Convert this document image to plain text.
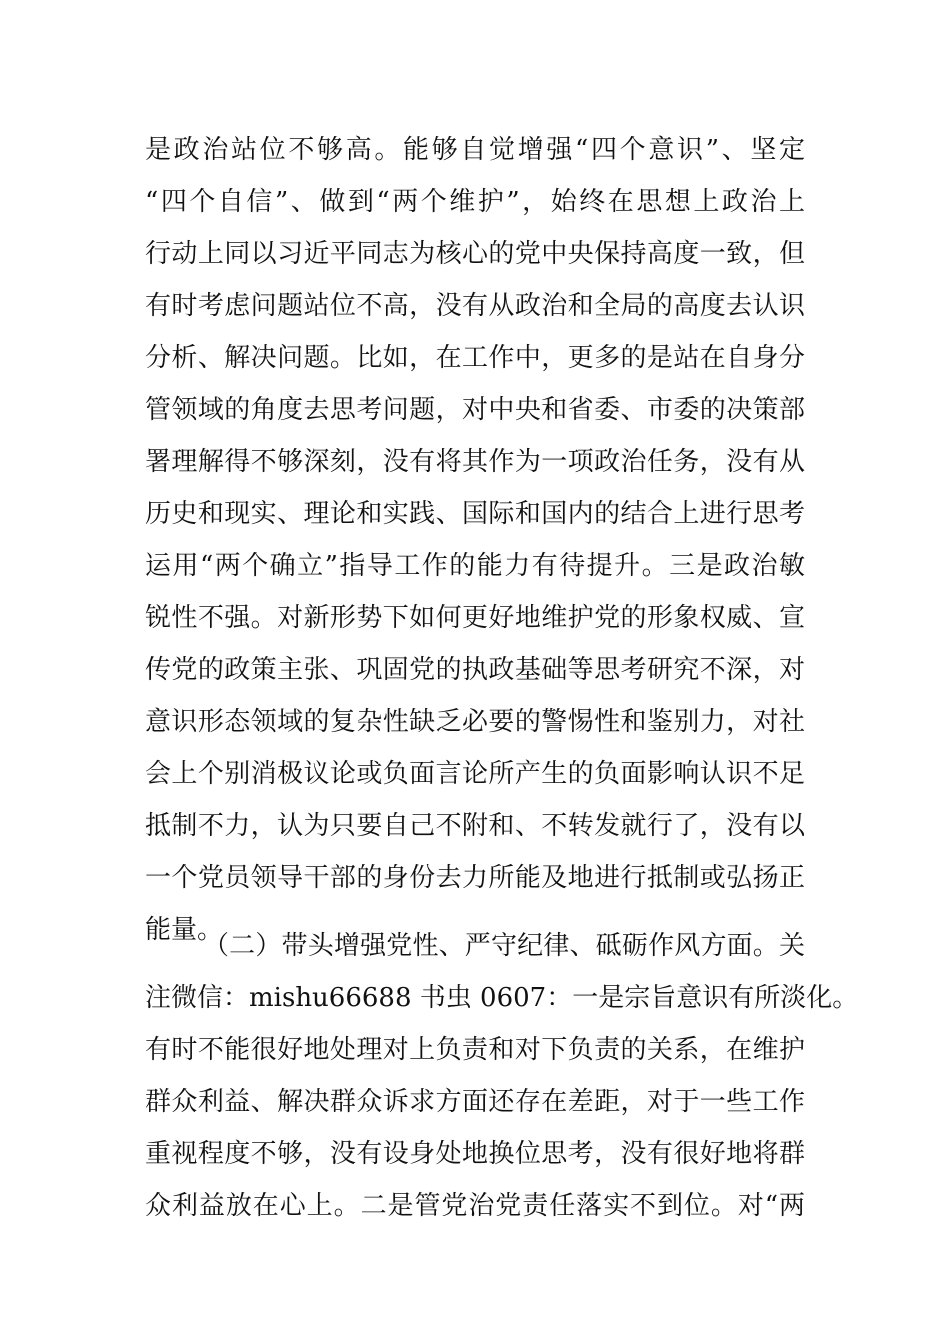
是政治站位不够高。能够自觉增强“四个意识”、坚定
“四个自信”、做到“两个维护”，始终在思想上政治上
行动上同以习近平同志为核心的党中央保持高度一致，但
有时考虑问题站位不高，没有从政治和全局的高度去认识
分析、解决问题。比如，在工作中，更多的是站在自身分
管领域的角度去思考问题，对中央和省委、市委的决策部
署理解得不够深刻，没有将其作为一项政治任务，没有从
历史和现实、理论和实践、国际和国内的结合上进行思考
运用“两个确立”指导工作的能力有待提升。三是政治敏
锐性不强。对新形势下如何更好地维护党的形象权威、宣
传党的政策主张、巩固党的执政基础等思考研究不深，对
意识形态领域的复杂性缺乏必要的警惕性和鉴别力，对社
会上个别消极议论或负面言论所产生的负面影响认识不足
抵制不力，认为只要自己不附和、不转发就行了，没有以
一个党员领导干部的身份去力所能及地进行抵制或弘扬正
能量。
（二）带头增强党性、严守纪律、砥砺作风方面。关
注微信：mishu66688 书虫 0607：一是宗旨意识有所淡化。
有时不能很好地处理对上负责和对下负责的关系，在维护
群众利益、解决群众诉求方面还存在差距，对于一些工作
重视程度不够，没有设身处地换位思考，没有很好地将群
众利益放在心上。二是管党治党责任落实不到位。对“两
